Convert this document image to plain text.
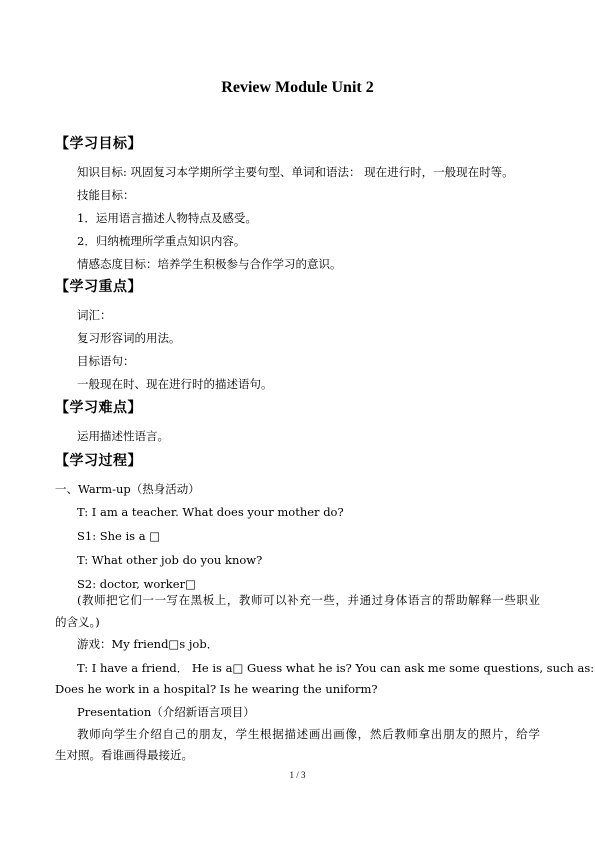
Review Module Unit 2
【学习目标】
知识目标: 巩固复习本学期所学主要句型、单词和语法： 现在进行时，一般现在时等。
技能目标：
1．运用语言描述人物特点及感受。
2．归纳梳理所学重点知识内容。
情感态度目标：培养学生积极参与合作学习的意识。
【学习重点】
词汇：
复习形容词的用法。
目标语句：
一般现在时、现在进行时的描述语句。
【学习难点】
运用描述性语言。
【学习过程】
一、Warm-up（热身活动）
T: I am a teacher. What does your mother do?
S1: She is a □
T: What other job do you know?
S2: doctor, worker□
(教师把它们一一写在黑板上，教师可以补充一些，并通过身体语言的帮助解释一些职业
的含义。)
游戏：My friend□s job．
T: I have a friend． He is a□ Guess what he is? You can ask me some questions, such as:
Does he work in a hospital? Is he wearing the uniform?
Presentation（介绍新语言项目）
教师向学生介绍自己的朋友，学生根据描述画出画像，然后教师拿出朋友的照片，给学
生对照。看谁画得最接近。
1 / 3
